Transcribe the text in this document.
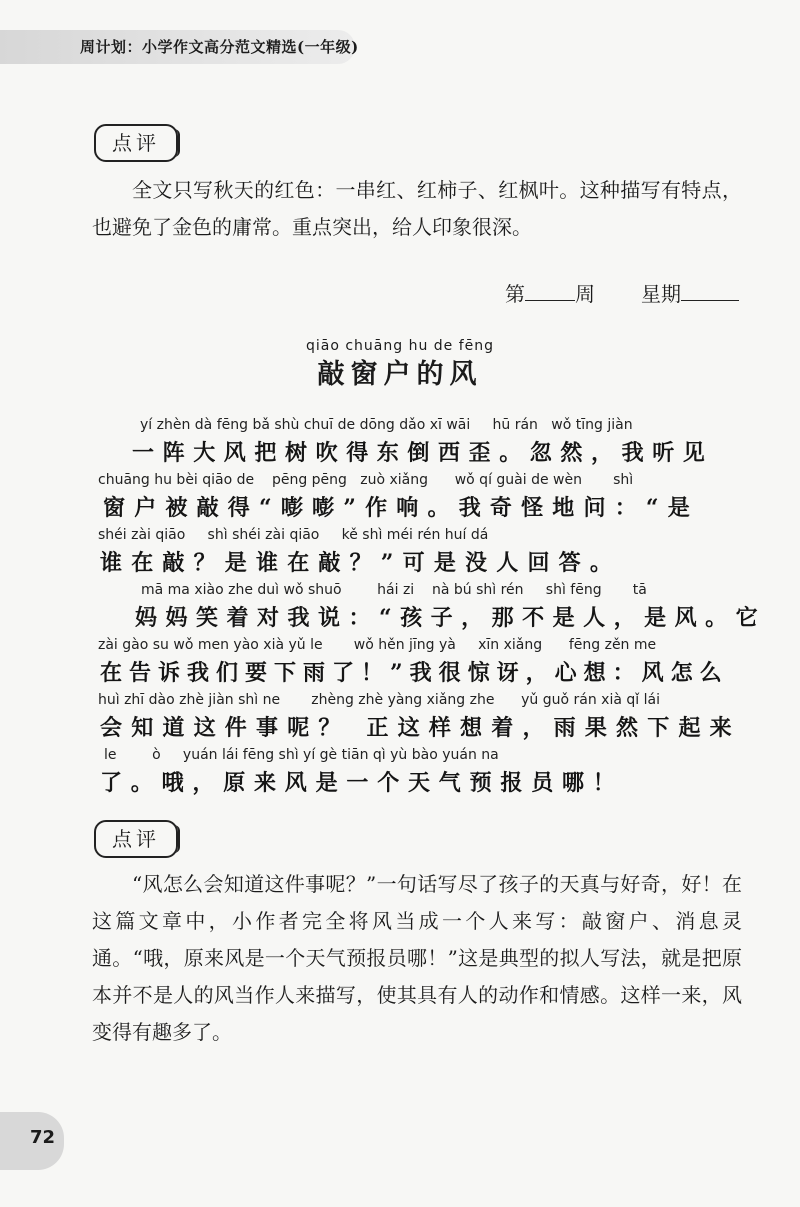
周计划：小学作文高分范文精选(一年级)
点评

全文只写秋天的红色：一串红、红柿子、红枫叶。这种描写有特点，也避免了金色的庸常。重点突出，给人印象很深。

第	周 星期
qiāo chuāng hu de fēng
敲窗户的风
yí zhèn dà fēng bǎ shù chuī de dōng dǎo xī wāi     hū rán   wǒ tīng jiàn
一阵大风把树吹得东倒西歪。忽然，我听见
chuāng hu bèi qiāo de    pēng pēng   zuò xiǎng      wǒ qí guài de wèn       shì
窗户被敲得“嘭嘭”作响。我奇怪地问：“是
shéi zài qiāo     shì shéi zài qiāo     kě shì méi rén huí dá
谁在敲？是谁在敲？”可是没人回答。
mā ma xiào zhe duì wǒ shuō        hái zi    nà bú shì rén     shì fēng       tā
妈妈笑着对我说：“孩子，那不是人，是风。它
zài gào su wǒ men yào xià yǔ le       wǒ hěn jīng yà     xīn xiǎng      fēng zěn me
在告诉我们要下雨了！”我很惊讶，心想：风怎么
huì zhī dào zhè jiàn shì ne       zhèng zhè yàng xiǎng zhe      yǔ guǒ rán xià qǐ lái
会知道这件事呢？ 正这样想着，雨果然下起来
le        ò     yuán lái fēng shì yí gè tiān qì yù bào yuán na
了。哦，原来风是一个天气预报员哪！
点评

“风怎么会知道这件事呢？”一句话写尽了孩子的天真与好奇，好！在这篇文章中，小作者完全将风当成一个人来写：敲窗户、消息灵通。“哦，原来风是一个天气预报员哪！”这是典型的拟人写法，就是把原本并不是人的风当作人来描写，使其具有人的动作和情感。这样一来，风变得有趣多了。

72
